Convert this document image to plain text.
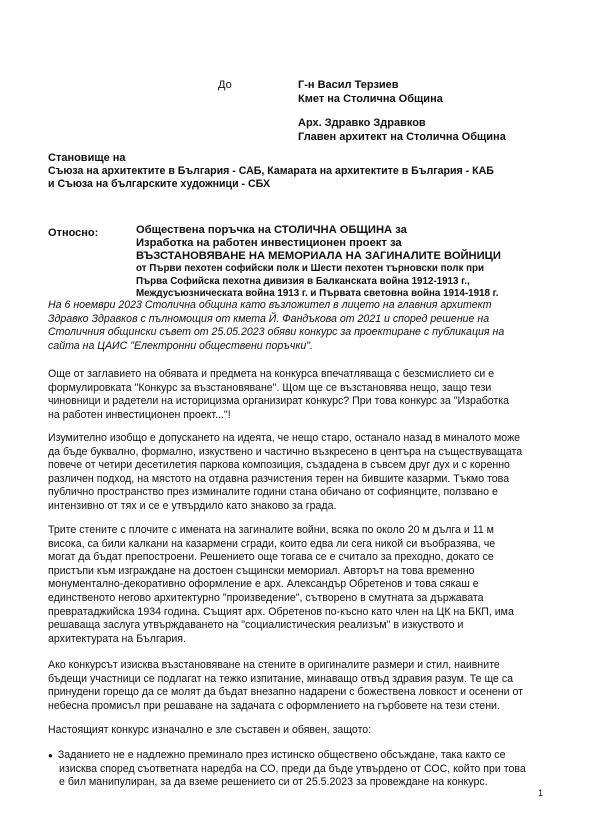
До	Г-н Васил Терзиев
Кмет на Столична Община
Арх. Здравко Здравков
Главен архитект на Столична Община
Становище на
Съюза на архитектите в България - САБ, Камарата на архитектите в България - КАБ
и Съюза на българските художници - СБХ
Относно:	Обществена поръчка на СТОЛИЧНА ОБЩИНА за
Изработка на работен инвестиционен проект за
ВЪЗСТАНОВЯВАНЕ НА МЕМОРИАЛА НА ЗАГИНАЛИТЕ ВОЙНИЦИ
от Първи пехотен софийски полк и Шести пехотен търновски полк при
Първа Софийска пехотна дивизия в Балканската война 1912-1913 г.,
Междусъюзническата война 1913 г. и Първата световна война 1914-1918 г.
На 6 ноември 2023 Столична община като възложител в лицето на главния архитект
Здравко Здравков с пълномощия от кмета Й. Фандъкова от 2021 и според решение на
Столичния общински съвет от 25.05.2023 обяви конкурс за проектиране с публикация на
сайта на ЦАИС "Електронни обществени поръчки".
Още от заглавието на обявата и предмета на конкурса впечатляваща с безсмислието си е
формулировката "Конкурс за възстановяване". Щом ще се възстановява нещо, защо тези
чиновници и радетели на историцизма организират конкурс? При това конкурс за "Изработка
на работен инвестиционен проект..."!
Изумително изобщо е допускането на идеята, че нещо старо, останало назад в миналото може
да бъде буквално, формално, изкуствено и частично възкресено в центъра на съществуващата
повече от четири десетилетия паркова композиция, създадена в съвсем друг дух и с коренно
различен подход, на мястото на отдавна разчистения терен на бившите казарми. Тъкмо това
публично пространство през изминалите години стана обичано от софиянците, ползвано е
интензивно от тях и се е утвърдило като знаково за града.
Трите стените с плочите с имената на загиналите войни, всяка по около 20 м дълга и 11 м
висока, са били калкани на казармени сгради, които едва ли сега никой си въобразява, че
могат да бъдат препостроени. Решението още тогава се е считало за преходно, докато се
пристъпи към изграждане на достоен същински мемориал. Авторът на това временно
монументално-декоративно оформление е арх. Александър Обретенов и това сякаш е
единственото негово архитектурно "произведение", сътворено в смутната за държавата
превратаджийска 1934 година. Същият арх. Обретенов по-късно като член на ЦК на БКП, има
решаваща заслуга утвърждаването на "социалистическия реализъм" в изкуството и
архитектурата на България.
Ако конкурсът изисква възстановяване на стените в оригиналите размери и стил, наивните
бъдещи участници се подлагат на тежко изпитание, минаващо отвъд здравия разум. Те ще са
принудени горещо да се молят да бъдат внезапно надарени с божествена ловкост и осенени от
небесна промисъл при решаване на задачата с оформлението на гърбовете на тези стени.
Настоящият конкурс изначално е зле съставен и обявен, защото:
● Заданието не е надлежно преминало през истинско обществено обсъждане, така както се
изисква според съответната наредба на СО, преди да бъде утвърдено от СОС, който при това
е бил манипулиран, за да вземе решението си от 25.5.2023 за провеждане на конкурс.
1
